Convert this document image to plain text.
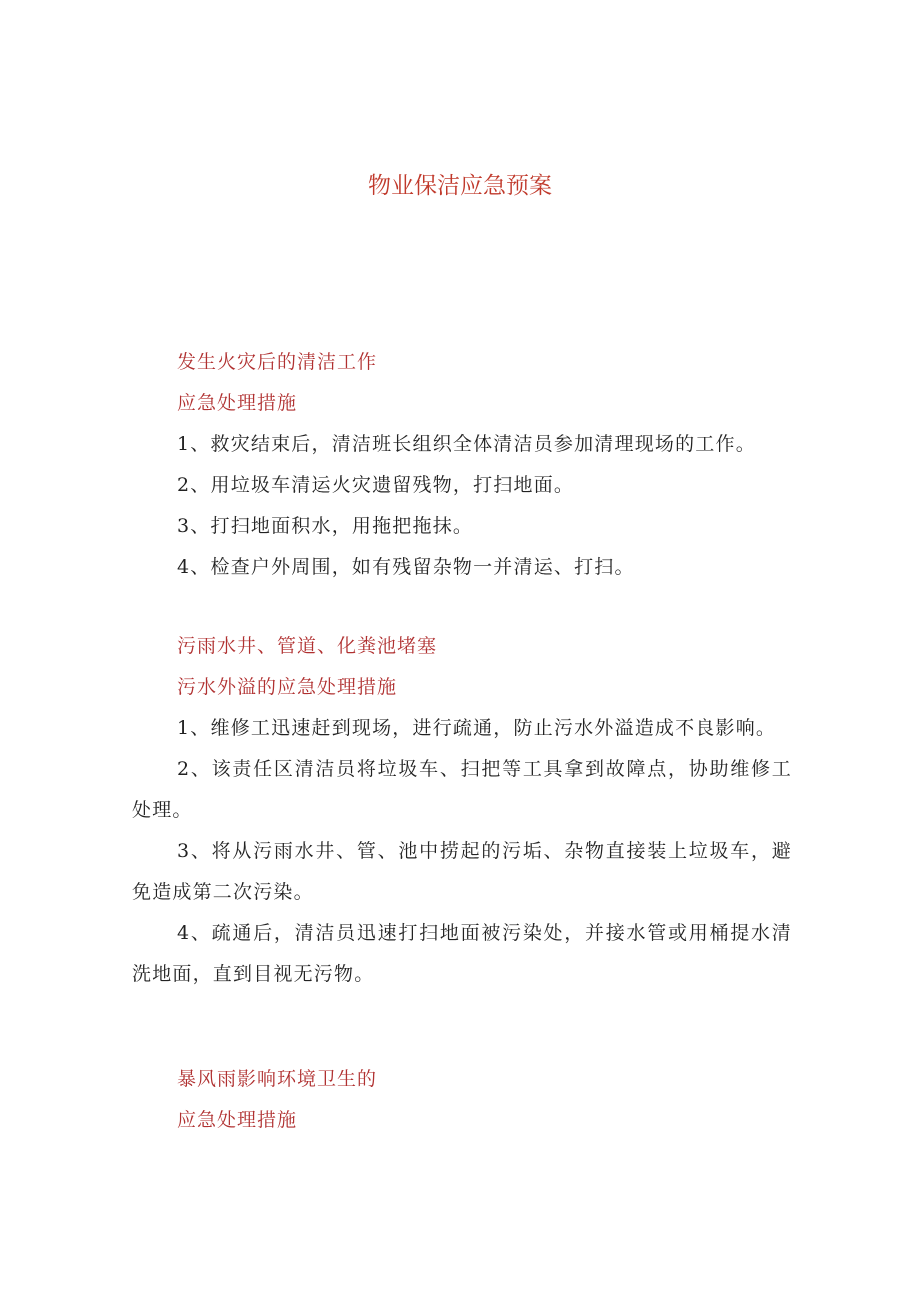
物业保洁应急预案
发生火灾后的清洁工作
应急处理措施

1、救灾结束后，清洁班长组织全体清洁员参加清理现场的工作。

2、用垃圾车清运火灾遗留残物，打扫地面。

3、打扫地面积水，用拖把拖抹。

4、检查户外周围，如有残留杂物一并清运、打扫。

污雨水井、管道、化粪池堵塞
污水外溢的应急处理措施

1、维修工迅速赶到现场，进行疏通，防止污水外溢造成不良影响。

2、该责任区清洁员将垃圾车、扫把等工具拿到故障点，协助维修工处理。

3、将从污雨水井、管、池中捞起的污垢、杂物直接装上垃圾车，避免造成第二次污染。

4、疏通后，清洁员迅速打扫地面被污染处，并接水管或用桶提水清洗地面，直到目视无污物。

暴风雨影响环境卫生的
应急处理措施
